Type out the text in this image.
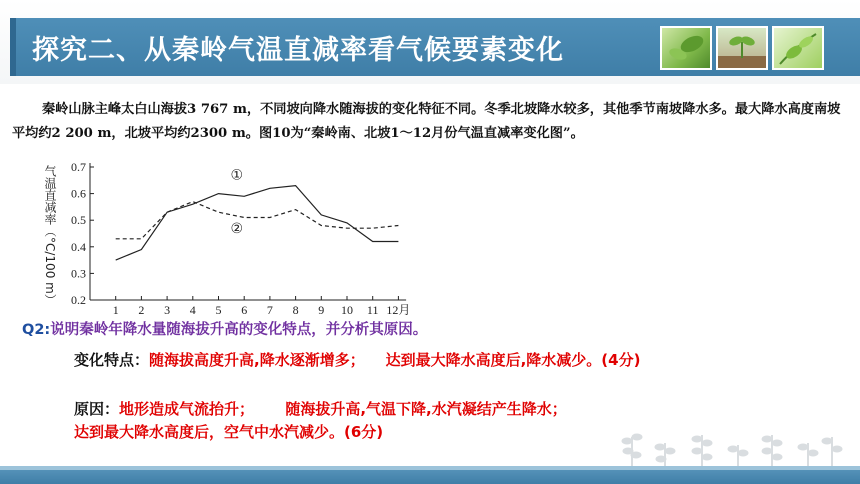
探究二、从秦岭气温直减率看气候要素变化
秦岭山脉主峰太白山海拔3 767 m，不同坡向降水随海拔的变化特征不同。冬季北坡降水较多，其他季节南坡降水多。最大降水高度南坡平均约2 200 m，北坡平均约2300 m。图10为“秦岭南、北坡1～12月份气温直减率变化图”。
0.2
0.3
0.4
0.5
0.6
0.7
1 2 3 4 5 6 7 8 9 10 11 12月
气温直减率（°C/100 m）	①
②
Q2:说明秦岭年降水量随海拔升高的变化特点，并分析其原因。
变化特点：随海拔高度升高,降水逐渐增多；    达到最大降水高度后,降水减少。(4分)
原因：地形造成气流抬升；      随海拔升高,气温下降,水汽凝结产生降水；
达到最大降水高度后，空气中水汽减少。(6分)
